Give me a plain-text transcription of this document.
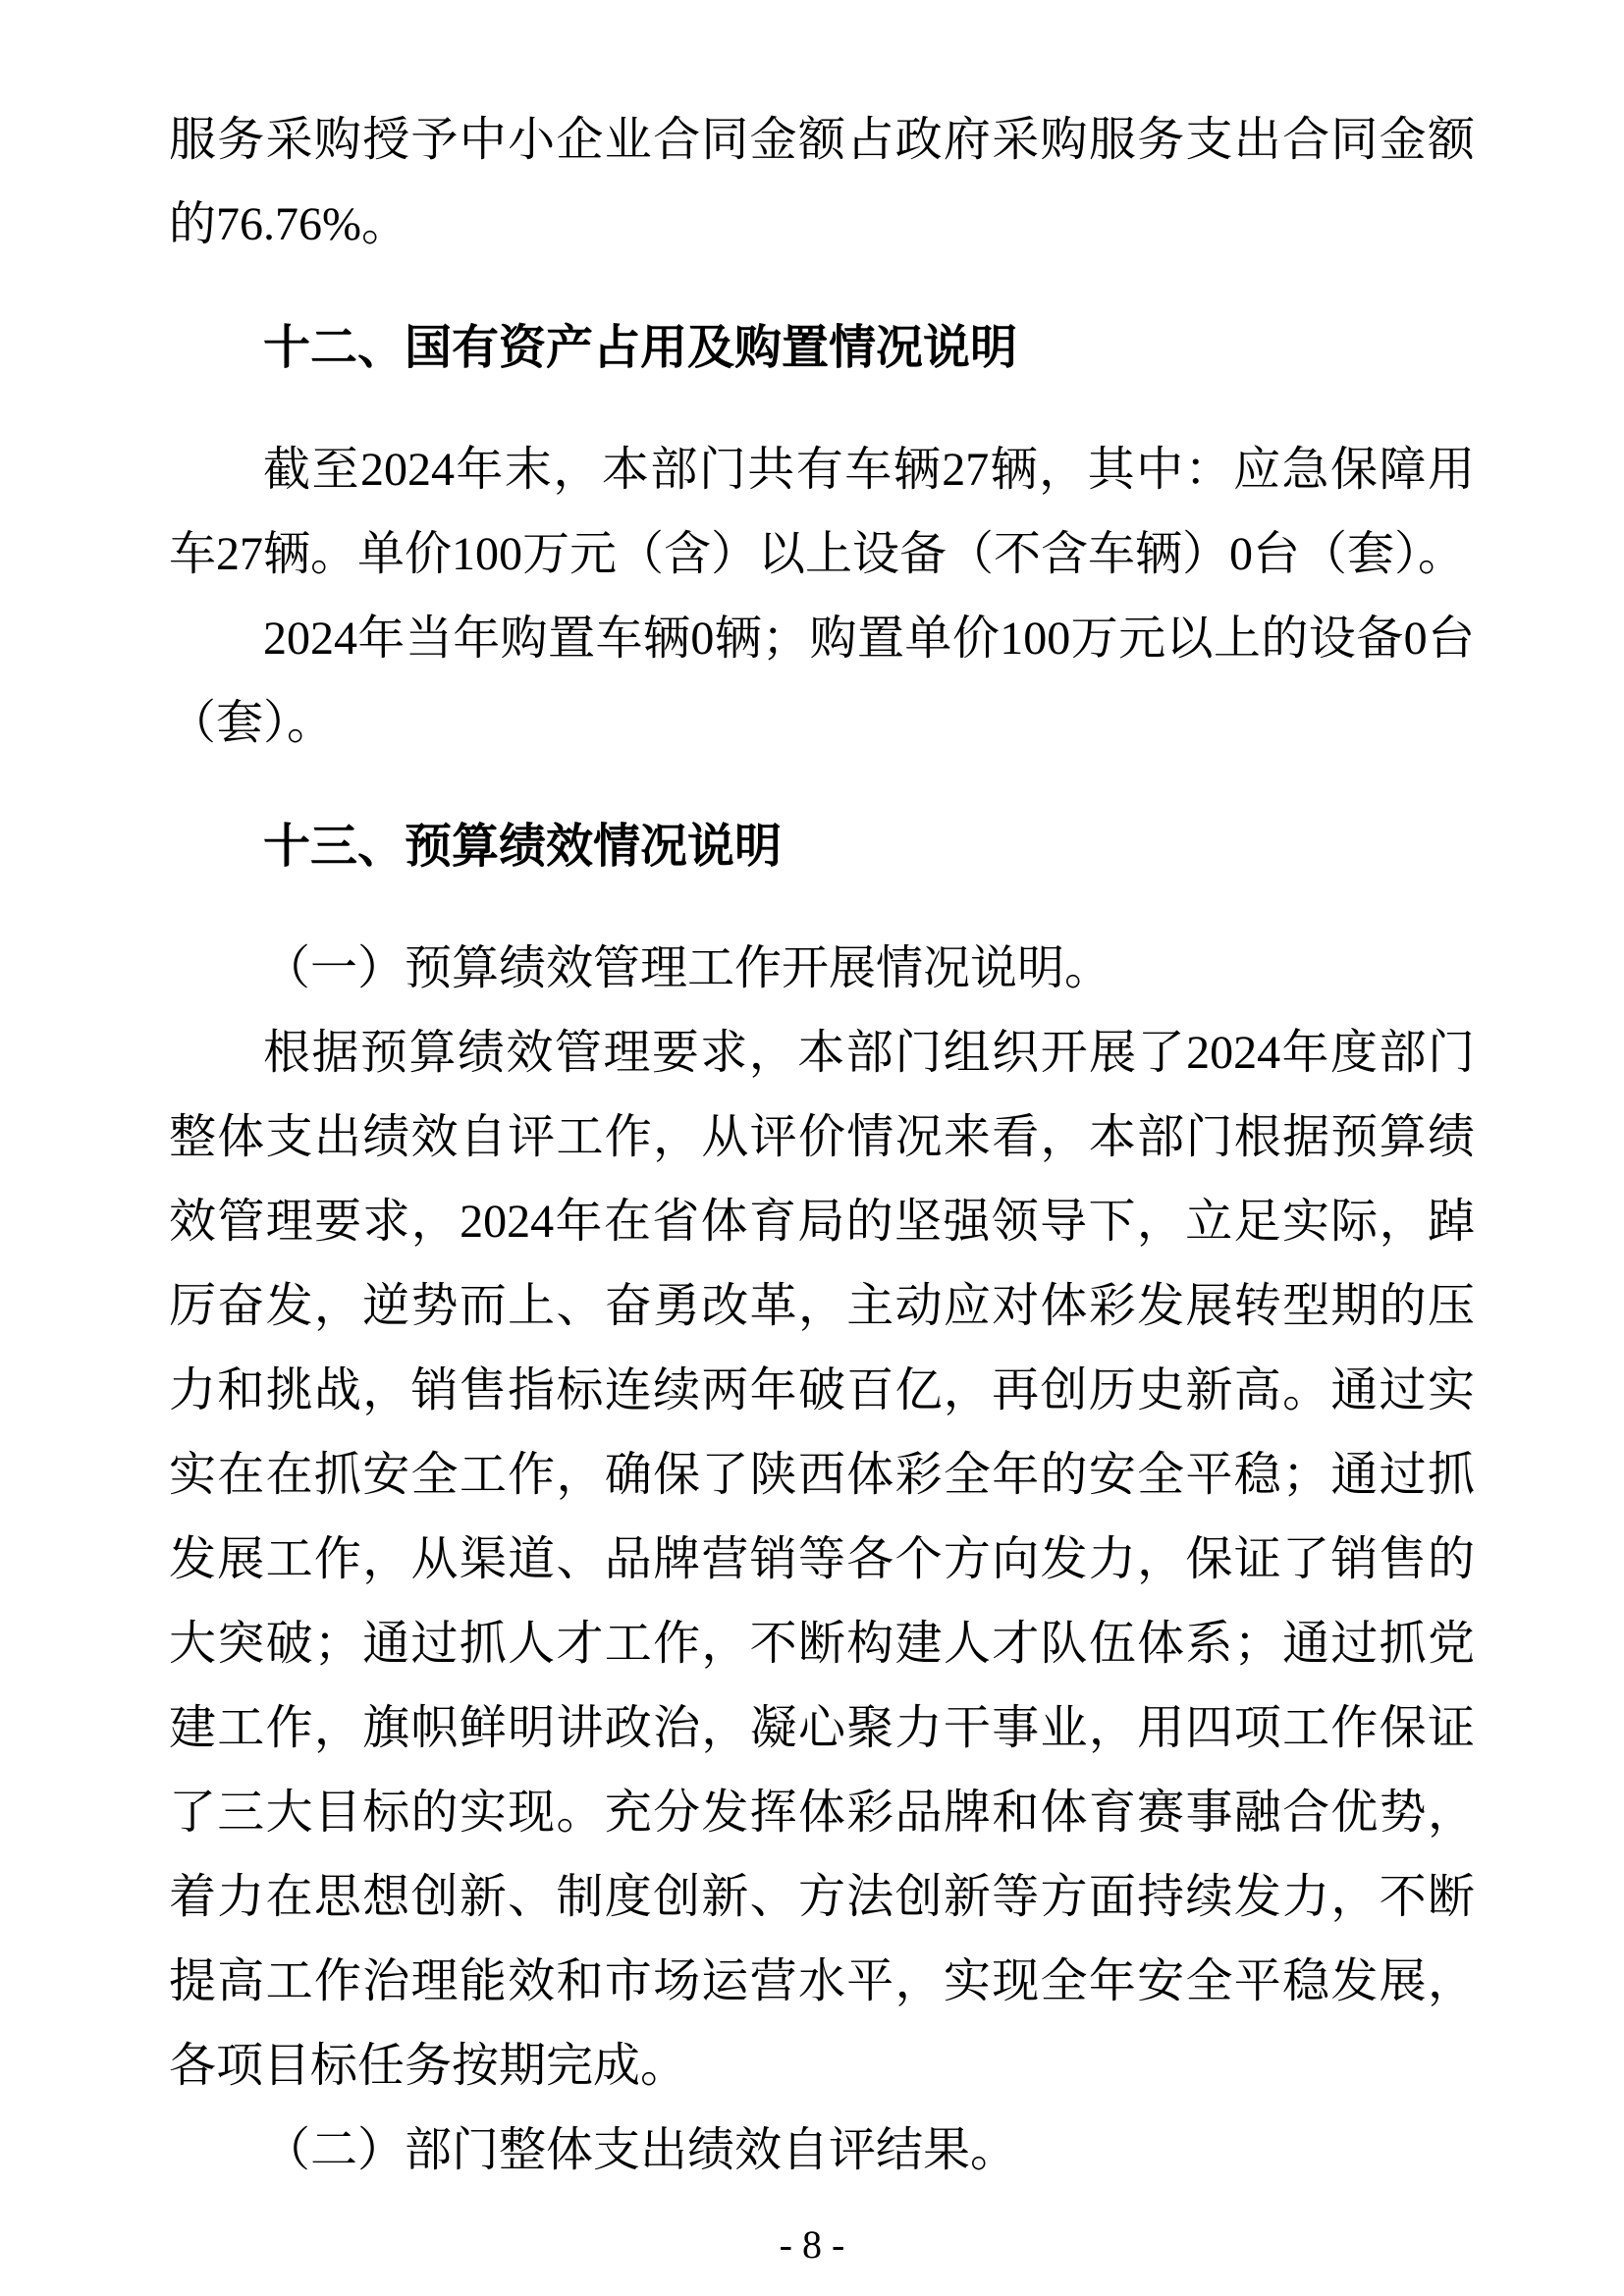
服务采购授予中小企业合同金额占政府采购服务支出合同金额的76.76%。

十二、国有资产占用及购置情况说明

截至2024年末，本部门共有车辆27辆，其中：应急保障用车27辆。单价100万元（含）以上设备（不含车辆）0台（套）。

2024年当年购置车辆0辆；购置单价100万元以上的设备0台（套）。

十三、预算绩效情况说明

（一）预算绩效管理工作开展情况说明。

根据预算绩效管理要求，本部门组织开展了2024年度部门整体支出绩效自评工作，从评价情况来看，本部门根据预算绩效管理要求，2024年在省体育局的坚强领导下，立足实际，踔厉奋发，逆势而上、奋勇改革，主动应对体彩发展转型期的压力和挑战，销售指标连续两年破百亿，再创历史新高。通过实实在在抓安全工作，确保了陕西体彩全年的安全平稳；通过抓发展工作，从渠道、品牌营销等各个方向发力，保证了销售的大突破；通过抓人才工作，不断构建人才队伍体系；通过抓党建工作，旗帜鲜明讲政治，凝心聚力干事业，用四项工作保证了三大目标的实现。充分发挥体彩品牌和体育赛事融合优势，着力在思想创新、制度创新、方法创新等方面持续发力，不断提高工作治理能效和市场运营水平，实现全年安全平稳发展，各项目标任务按期完成。

（二）部门整体支出绩效自评结果。

- 8 -
